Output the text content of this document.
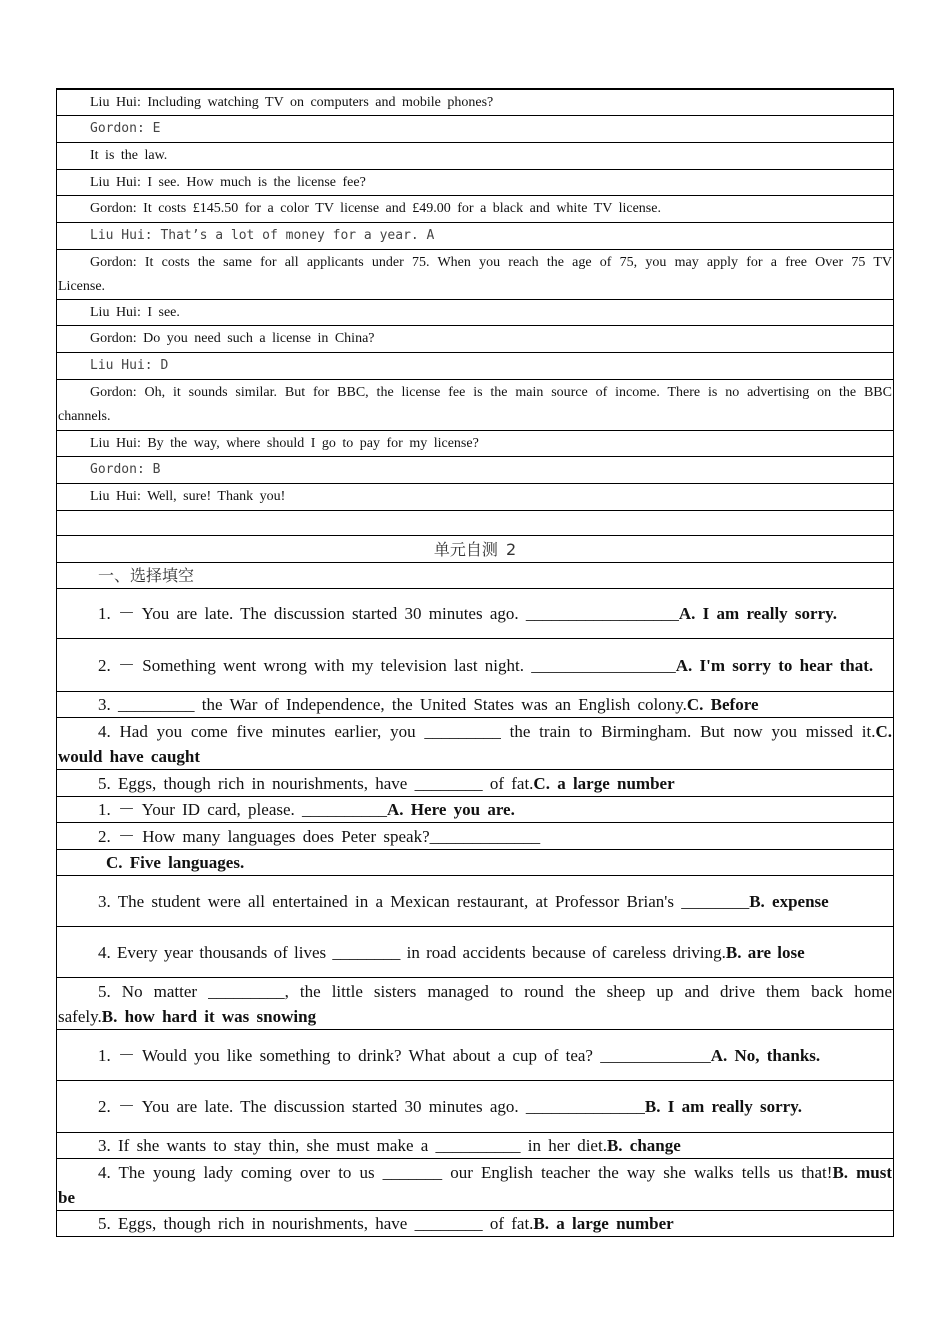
Liu Hui: Including watching TV on computers and mobile phones?
Gordon: E
It is the law.
Liu Hui: I see. How much is the license fee?
Gordon: It costs £145.50 for a color TV license and £49.00 for a black and white TV license.
Liu Hui: That’s a lot of money for a year. A
Gordon: It costs the same for all applicants under 75. When you reach the age of 75, you may apply for a free Over 75 TV License.
Liu Hui: I see.
Gordon: Do you need such a license in China?
Liu Hui: D
Gordon: Oh, it sounds similar. But for BBC, the license fee is the main source of income. There is no advertising on the BBC channels.
Liu Hui: By the way, where should I go to pay for my license?
Gordon: B
Liu Hui: Well, sure! Thank you!
单元自测 2
一、选择填空
1. － You are late. The discussion started 30 minutes ago. __________________A. I am really sorry.
2. － Something went wrong with my television last night. _________________A. I'm sorry to hear that.
3. _________ the War of Independence, the United States was an English colony.C. Before
4. Had you come five minutes earlier, you _________ the train to Birmingham. But now you missed it.C. would have caught
5. Eggs, though rich in nourishments, have ________ of fat.C. a large number
1. － Your ID card, please. __________A. Here you are.
2. － How many languages does Peter speak?_____________
C. Five languages.
3. The student were all entertained in a Mexican restaurant, at Professor Brian's ________B. expense
4. Every year thousands of lives ________ in road accidents because of careless driving.B. are lose
5. No matter _________, the little sisters managed to round the sheep up and drive them back home safely.B. how hard it was snowing
1. － Would you like something to drink? What about a cup of tea? _____________A. No, thanks.
2. － You are late. The discussion started 30 minutes ago. ______________B. I am really sorry.
3. If she wants to stay thin, she must make a __________ in her diet.B. change
4. The young lady coming over to us _______ our English teacher the way she walks tells us that!B. must be
5. Eggs, though rich in nourishments, have ________ of fat.B. a large number
